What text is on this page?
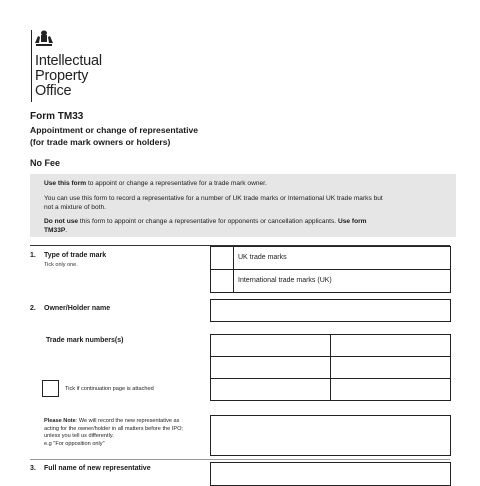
Intellectual
Property
Office
Form TM33
Appointment or change of representative
(for trade mark owners or holders)
No Fee
Use this form to appoint or change a representative for a trade mark owner.
You can use this form to record a representative for a number of UK trade marks or International UK trade marks but
not a mixture of both.
Do not use this form to appoint or change a representative for opponents or cancellation applicants. Use form
TM33P.
1. Type of trade mark
Tick only one.
UK trade marks
International trade marks (UK)
2. Owner/Holder name
Trade mark numbers(s)
Tick if continuation page is attached
Please Note: We will record the new representative as
acting for the owner/holder in all matters before the IPO;
unless you tell us differently.
e.g "For opposition only"
3. Full name of new representative
